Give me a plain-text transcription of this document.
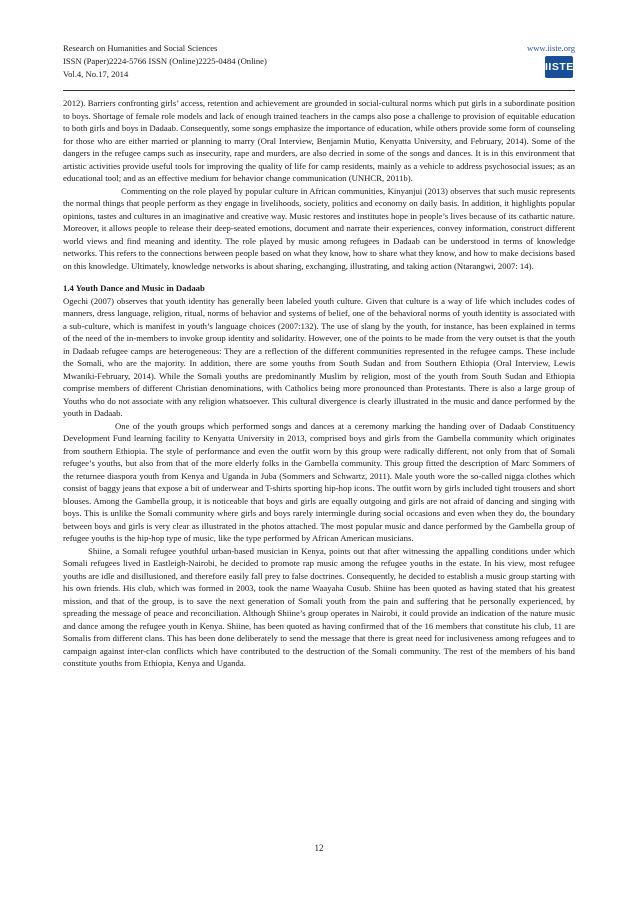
Research on Humanities and Social Sciences
ISSN (Paper)2224-5766 ISSN (Online)2225-0484 (Online)
Vol.4, No.17, 2014
www.iiste.org
IISTE

2012). Barriers confronting girls’ access, retention and achievement are grounded in social-cultural norms which put girls in a subordinate position to boys. Shortage of female role models and lack of enough trained teachers in the camps also pose a challenge to provision of equitable education to both girls and boys in Dadaab. Consequently, some songs emphasize the importance of education, while others provide some form of counseling for those who are either married or planning to marry (Oral Interview, Benjamin Mutio, Kenyatta University, and February, 2014). Some of the dangers in the refugee camps such as insecurity, rape and murders, are also decried in some of the songs and dances. It is in this environment that artistic activities provide useful tools for improving the quality of life for camp residents, mainly as a vehicle to address psychosocial issues; as an educational tool; and as an effective medium for behavior change communication (UNHCR, 2011b).

Commenting on the role played by popular culture in African communities, Kinyanjui (2013) observes that such music represents the normal things that people perform as they engage in livelihoods, society, politics and economy on daily basis. In addition, it highlights popular opinions, tastes and cultures in an imaginative and creative way. Music restores and institutes hope in people’s lives because of its cathartic nature. Moreover, it allows people to release their deep-seated emotions, document and narrate their experiences, convey information, construct different world views and find meaning and identity. The role played by music among refugees in Dadaab can be understood in terms of knowledge networks. This refers to the connections between people based on what they know, how to share what they know, and how to make decisions based on this knowledge. Ultimately, knowledge networks is about sharing, exchanging, illustrating, and taking action (Ntarangwi, 2007: 14).

1.4 Youth Dance and Music in Dadaab

Ogechi (2007) observes that youth identity has generally been labeled youth culture. Given that culture is a way of life which includes codes of manners, dress language, religion, ritual, norms of behavior and systems of belief, one of the behavioral norms of youth identity is associated with a sub-culture, which is manifest in youth’s language choices (2007:132). The use of slang by the youth, for instance, has been explained in terms of the need of the in-members to invoke group identity and solidarity. However, one of the points to be made from the very outset is that the youth in Dadaab refugee camps are heterogeneous: They are a reflection of the different communities represented in the refugee camps. These include the Somali, who are the majority. In addition, there are some youths from South Sudan and from Southern Ethiopia (Oral Interview, Lewis Mwaniki-February, 2014). While the Somali youths are predominantly Muslim by religion, most of the youth from South Sudan and Ethiopia comprise members of different Christian denominations, with Catholics being more pronounced than Protestants. There is also a large group of Youths who do not associate with any religion whatsoever. This cultural divergence is clearly illustrated in the music and dance performed by the youth in Dadaab.

One of the youth groups which performed songs and dances at a ceremony marking the handing over of Dadaab Constituency Development Fund learning facility to Kenyatta University in 2013, comprised boys and girls from the Gambella community which originates from southern Ethiopia. The style of performance and even the outfit worn by this group were radically different, not only from that of Somali refugee’s youths, but also from that of the more elderly folks in the Gambella community. This group fitted the description of Marc Sommers of the returnee diaspora youth from Kenya and Uganda in Juba (Sommers and Schwartz, 2011). Male youth wore the so-called nigga clothes which consist of baggy jeans that expose a bit of underwear and T-shirts sporting hip-hop icons. The outfit worn by girls included tight trousers and short blouses. Among the Gambella group, it is noticeable that boys and girls are equally outgoing and girls are not afraid of dancing and singing with boys. This is unlike the Somali community where girls and boys rarely intermingle during social occasions and even when they do, the boundary between boys and girls is very clear as illustrated in the photos attached. The most popular music and dance performed by the Gambella group of refugee youths is the hip-hop type of music, like the type performed by African American musicians.

Shiine, a Somali refugee youthful urban-based musician in Kenya, points out that after witnessing the appalling conditions under which Somali refugees lived in Eastleigh-Nairobi, he decided to promote rap music among the refugee youths in the estate. In his view, most refugee youths are idle and disillusioned, and therefore easily fall prey to false doctrines. Consequently, he decided to establish a music group starting with his own friends. His club, which was formed in 2003, took the name Waayaha Cusub. Shiine has been quoted as having stated that his greatest mission, and that of the group, is to save the next generation of Somali youth from the pain and suffering that he personally experienced, by spreading the message of peace and reconciliation. Although Shiine’s group operates in Nairobi, it could provide an indication of the nature music and dance among the refugee youth in Kenya. Shiine, has been quoted as having confirmed that of the 16 members that constitute his club, 11 are Somalis from different clans. This has been done deliberately to send the message that there is great need for inclusiveness among refugees and to campaign against inter-clan conflicts which have contributed to the destruction of the Somali community. The rest of the members of his band constitute youths from Ethiopia, Kenya and Uganda.

12
